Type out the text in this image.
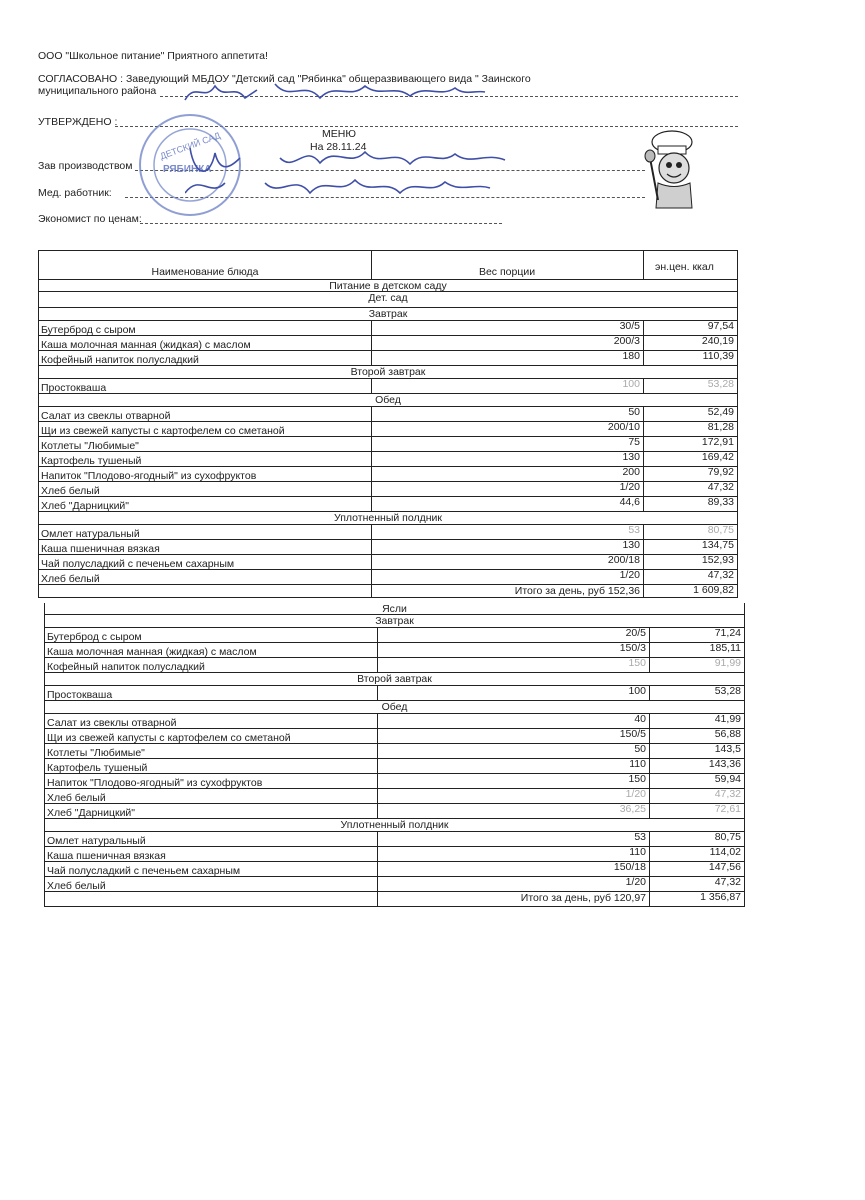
ООО "Школьное питание" Приятного аппетита!
СОГЛАСОВАНО : Заведующий МБДОУ "Детский сад "Рябинка" общеразвивающего вида " Заинского
муниципального района
УТВЕРЖДЕНО :
МЕНЮ
На 28.11.24
Зав производством
Мед. работник:
Экономист по ценам:
ДЕТСКИЙ САД
РЯБИНКА
Наименование блюда	Вес порции	эн.цен. ккал
Питание в детском саду
Дет. сад
Завтрак
Бутерброд с сыром	30/5	97,54
Каша молочная манная (жидкая) с маслом	200/3	240,19
Кофейный напиток полусладкий	180	110,39
Второй завтрак
Простокваша	100	53,28
Обед
Салат из свеклы отварной	50	52,49
Щи из свежей капусты с картофелем со сметаной	200/10	81,28
Котлеты "Любимые"	75	172,91
Картофель тушеный	130	169,42
Напиток "Плодово-ягодный" из сухофруктов	200	79,92
Хлеб белый	1/20	47,32
Хлеб "Дарницкий"	44,6	89,33
Уплотненный полдник
Омлет натуральный	53	80,75
Каша пшеничная вязкая	130	134,75
Чай полусладкий с печеньем сахарным	200/18	152,93
Хлеб белый	1/20	47,32
Итого за день, руб 152,36	1 609,82
Ясли
Завтрак
Бутерброд с сыром	20/5	71,24
Каша молочная манная (жидкая) с маслом	150/3	185,11
Кофейный напиток полусладкий	150	91,99
Второй завтрак
Простокваша	100	53,28
Обед
Салат из свеклы отварной	40	41,99
Щи из свежей капусты с картофелем со сметаной	150/5	56,88
Котлеты "Любимые"	50	143,5
Картофель тушеный	110	143,36
Напиток "Плодово-ягодный" из сухофруктов	150	59,94
Хлеб белый	1/20	47,32
Хлеб "Дарницкий"	36,25	72,61
Уплотненный полдник
Омлет натуральный	53	80,75
Каша пшеничная вязкая	110	114,02
Чай полусладкий с печеньем сахарным	150/18	147,56
Хлеб белый	1/20	47,32
Итого за день, руб 120,97	1 356,87
